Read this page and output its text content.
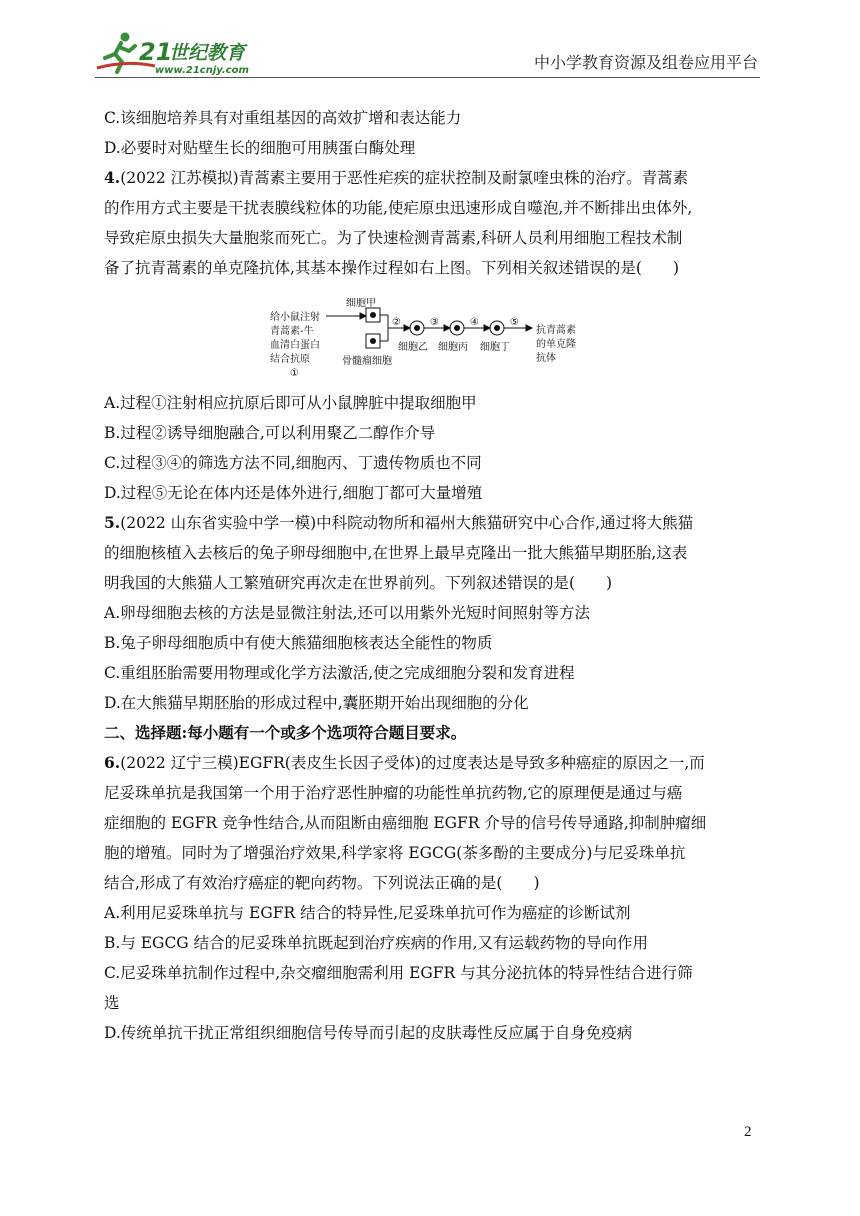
21
世纪教育
www.21cnjy.com	中小学教育资源及组卷应用平台
C.该细胞培养具有对重组基因的高效扩增和表达能力
D.必要时对贴壁生长的细胞可用胰蛋白酶处理
4.(2022 江苏模拟)青蒿素主要用于恶性疟疾的症状控制及耐氯喹虫株的治疗。青蒿素
的作用方式主要是干扰表膜线粒体的功能,使疟原虫迅速形成自噬泡,并不断排出虫体外,
导致疟原虫损失大量胞浆而死亡。为了快速检测青蒿素,科研人员利用细胞工程技术制
备了抗青蒿素的单克隆抗体,其基本操作过程如右上图。下列相关叙述错误的是(　　)
A.过程①注射相应抗原后即可从小鼠脾脏中提取细胞甲
B.过程②诱导细胞融合,可以利用聚乙二醇作介导
C.过程③④的筛选方法不同,细胞丙、丁遗传物质也不同
D.过程⑤无论在体内还是体外进行,细胞丁都可大量增殖
5.(2022 山东省实验中学一模)中科院动物所和福州大熊猫研究中心合作,通过将大熊猫
的细胞核植入去核后的兔子卵母细胞中,在世界上最早克隆出一批大熊猫早期胚胎,这表
明我国的大熊猫人工繁殖研究再次走在世界前列。下列叙述错误的是(　　)
A.卵母细胞去核的方法是显微注射法,还可以用紫外光短时间照射等方法
B.兔子卵母细胞质中有使大熊猫细胞核表达全能性的物质
C.重组胚胎需要用物理或化学方法激活,使之完成细胞分裂和发育进程
D.在大熊猫早期胚胎的形成过程中,囊胚期开始出现细胞的分化
二、选择题:每小题有一个或多个选项符合题目要求。
6.(2022 辽宁三模)EGFR(表皮生长因子受体)的过度表达是导致多种癌症的原因之一,而
尼妥珠单抗是我国第一个用于治疗恶性肿瘤的功能性单抗药物,它的原理便是通过与癌
症细胞的 EGFR 竞争性结合,从而阻断由癌细胞 EGFR 介导的信号传导通路,抑制肿瘤细
胞的增殖。同时为了增强治疗效果,科学家将 EGCG(茶多酚的主要成分)与尼妥珠单抗
结合,形成了有效治疗癌症的靶向药物。下列说法正确的是(　　)
A.利用尼妥珠单抗与 EGFR 结合的特异性,尼妥珠单抗可作为癌症的诊断试剂
B.与 EGCG 结合的尼妥珠单抗既起到治疗疾病的作用,又有运载药物的导向作用
C.尼妥珠单抗制作过程中,杂交瘤细胞需利用 EGFR 与其分泌抗体的特异性结合进行筛
选
D.传统单抗干扰正常组织细胞信号传导而引起的皮肤毒性反应属于自身免疫病
给小鼠注射
青蒿素-牛
血清白蛋白
结合抗原
①
细胞甲
骨髓瘤细胞
②	③	④	⑤
细胞乙 细胞丙 细胞丁
抗青蒿素
的单克隆
抗体
2
